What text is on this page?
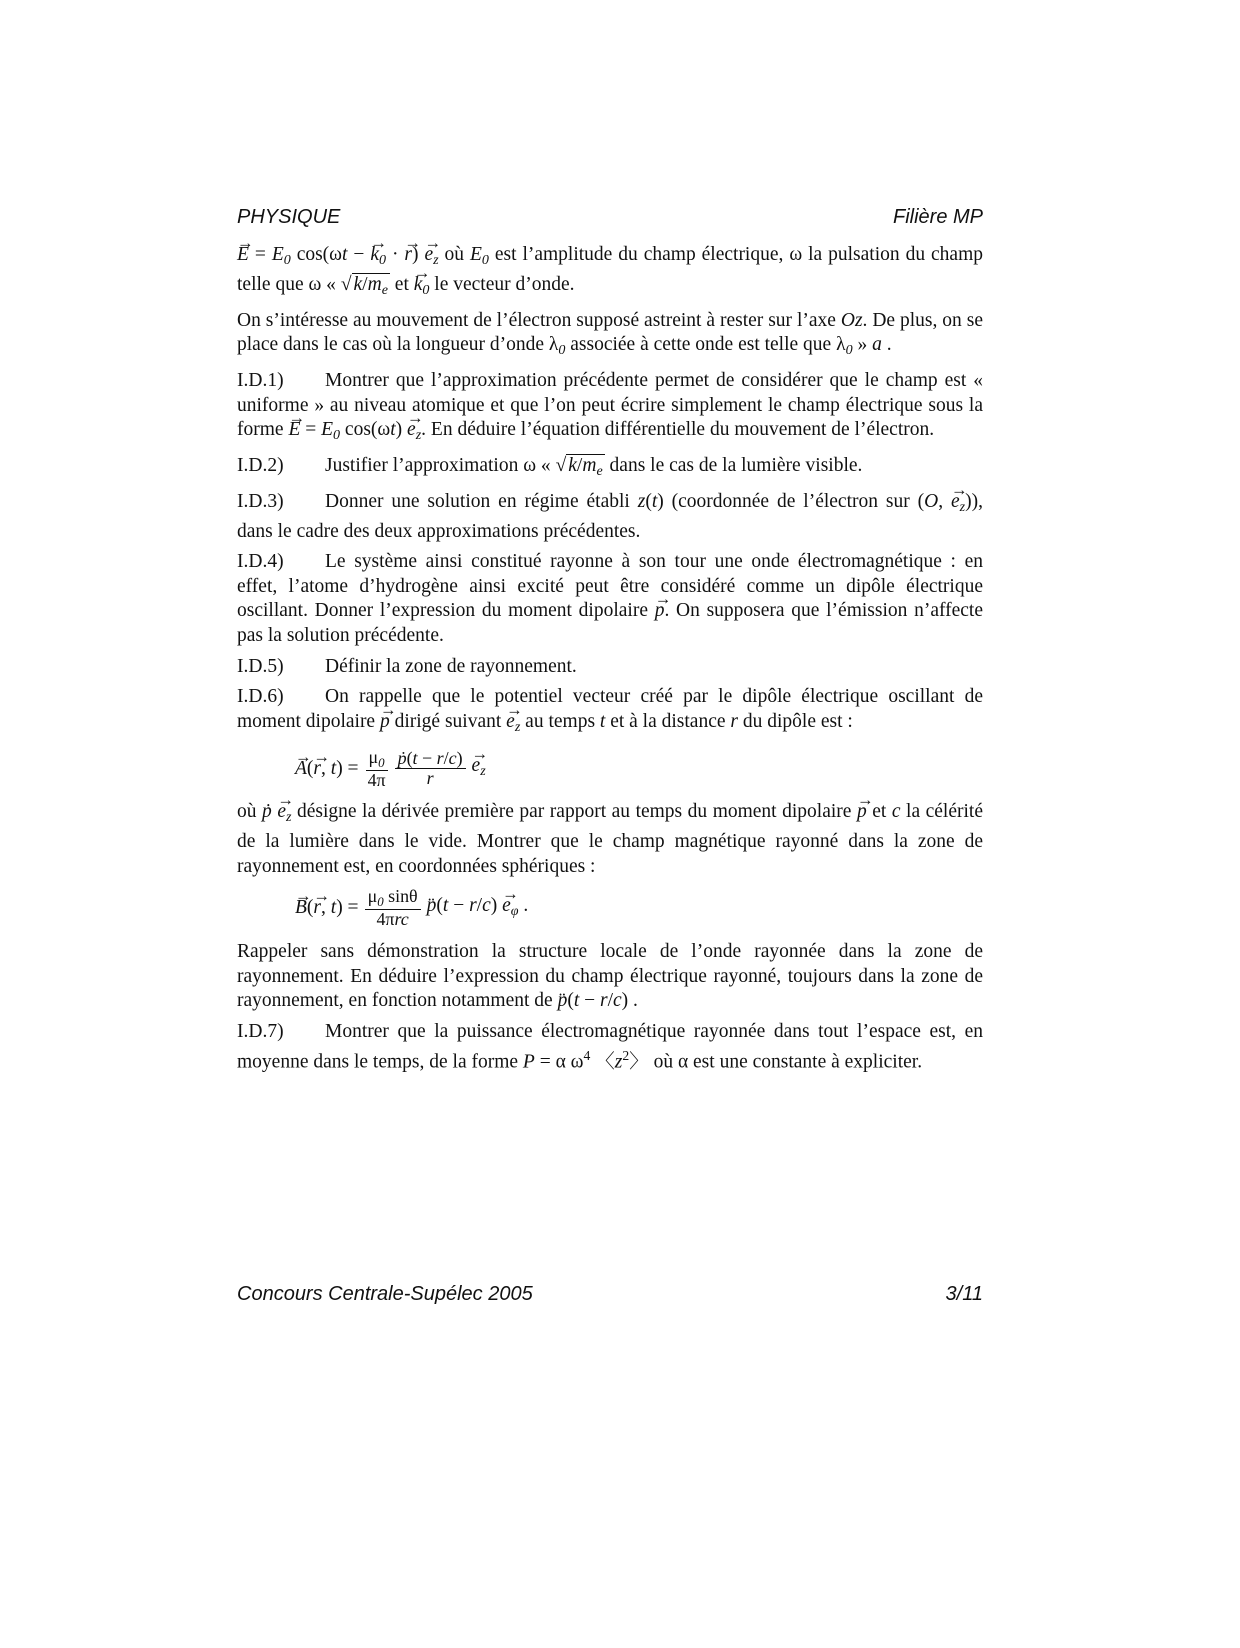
PHYSIQUE	Filière MP

→ $E = E_0$ cos(ωt − → $k_0$ · → $r) \to e_z$ où $E_0$ est l’amplitude du champ électrique, ω la pulsation du champ telle que ω « √ $k/m_e$ et → $k_0$ le vecteur d’onde.

On s’intéresse au mouvement de l’électron supposé astreint à rester sur l’axe Oz. De plus, on se place dans le cas où la longueur d’onde $\lambda_0$ associée à cette onde est telle que $\lambda_0$ » a .

I.D.1) Montrer que l’approximation précédente permet de considérer que le champ est « uniforme » au niveau atomique et que l’on peut écrire simplement le champ électrique sous la forme → $E = E_0$ $\cos(\omega t) \to e_z$. En déduire l’équation différentielle du mouvement de l’électron.

I.D.2) Justifier l’approximation ω « √ $k/m_e$ dans le cas de la lumière visible.

I.D.3) Donner une solution en régime établi z(t) (coordonnée de l’électron sur (O, → $e_z$)), dans le cadre des deux approximations précédentes.

I.D.4) Le système ainsi constitué rayonne à son tour une onde électromagnétique : en effet, l’atome d’hydrogène ainsi excité peut être considéré comme un dipôle électrique oscillant. Donner l’expression du moment dipolaire → p. On supposera que l’émission n’affecte pas la solution précédente.

I.D.5) Définir la zone de rayonnement.

I.D.6) On rappelle que le potentiel vecteur créé par le dipôle électrique oscillant de moment dipolaire → p dirigé suivant → $e_z$ au temps t et à la distance r du dipôle est :

→ A(→ r, $t) = \frac{\mu_0}{4\pi} \frac{\text{ṗ(t − r/c)}}{r}$
→ $e_z$

où ṗ → $e_z$ désigne la dérivée première par rapport au temps du moment dipolaire → p et c la célérité de la lumière dans le vide. Montrer que le champ magnétique rayonné dans la zone de rayonnement est, en coordonnées sphériques :

→ B(→ r, $t) = \frac{\mu_0 \sin\theta}{\text{4πrc}}$ p̈(t − $r/c) \to e_\varphi$ .

Rappeler sans démonstration la structure locale de l’onde rayonnée dans la zone de rayonnement. En déduire l’expression du champ électrique rayonné, toujours dans la zone de rayonnement, en fonction notamment de p̈(t − r/c) .

I.D.7) Montrer que la puissance électromagnétique rayonnée dans tout l’espace est, en moyenne dans le temps, de la forme P = α $\omega^4$ 〈$z^2$〉 où α est une constante à expliciter.

Concours Centrale-Supélec 2005	3/11
